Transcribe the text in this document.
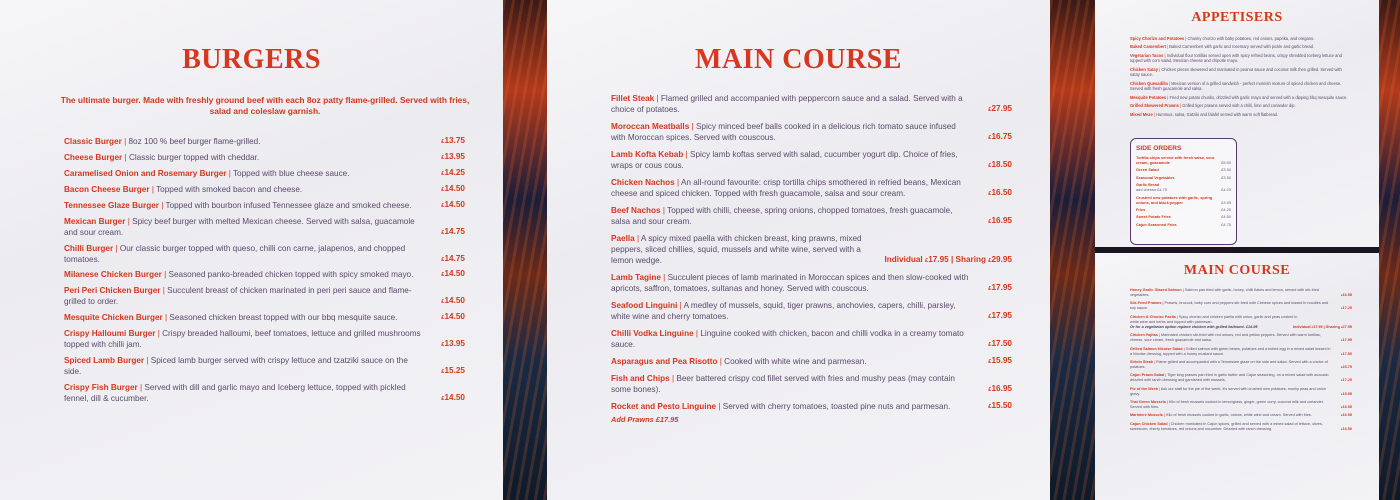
BURGERS
The ultimate burger. Made with freshly ground beef with each 8oz patty flame-grilled. Served with fries, salad and coleslaw garnish.
Classic Burger | 8oz 100 % beef burger flame-grilled.	£13.75
Cheese Burger | Classic burger topped with cheddar.	£13.95
Caramelised Onion and Rosemary Burger | Topped with blue cheese sauce.	£14.25
Bacon Cheese Burger | Topped with smoked bacon and cheese.	£14.50
Tennessee Glaze Burger | Topped with bourbon infused Tennessee glaze and smoked cheese.	£14.50
Mexican Burger | Spicy beef burger with melted Mexican cheese. Served with salsa, guacamole and sour cream.	£14.75
Chilli Burger | Our classic burger topped with queso, chilli con carne, jalapenos, and chopped tomatoes.	£14.75
Milanese Chicken Burger | Seasoned panko-breaded chicken topped with spicy smoked mayo.	£14.50
Peri Peri Chicken Burger | Succulent breast of chicken marinated in peri peri sauce and flame-grilled to order.	£14.50
Mesquite Chicken Burger | Seasoned chicken breast topped with our bbq mesquite sauce.	£14.50
Crispy Halloumi Burger | Crispy breaded halloumi, beef tomatoes, lettuce and grilled mushrooms topped with chilli jam.	£13.95
Spiced Lamb Burger | Spiced lamb burger served with crispy lettuce and tzatziki sauce on the side.	£15.25
Crispy Fish Burger | Served with dill and garlic mayo and Iceberg lettuce, topped with pickled fennel, dill & cucumber.	£14.50
MAIN COURSE
Fillet Steak | Flamed grilled and accompanied with peppercorn sauce and a salad. Served with a choice of potatoes.	£27.95
Moroccan Meatballs | Spicy minced beef balls cooked in a delicious rich tomato sauce infused with Moroccan spices. Served with couscous.	£16.75
Lamb Kofta Kebab | Spicy lamb koftas served with salad, cucumber yogurt dip. Choice of fries, wraps or cous cous.	£18.50
Chicken Nachos | An all-round favourite: crisp tortilla chips smothered in refried beans, Mexican cheese and spiced chicken. Topped with fresh guacamole, salsa and sour cream.	£16.50
Beef Nachos | Topped with chilli, cheese, spring onions, chopped tomatoes, fresh guacamole, salsa and sour cream.	£16.95
Paella | A spicy mixed paella with chicken breast, king prawns, mixed peppers, sliced chillies, squid, mussels and white wine, served with a lemon wedge.	Individual £17.95 | Sharing £29.95
Lamb Tagine | Succulent pieces of lamb marinated in Moroccan spices and then slow-cooked with apricots, saffron, tomatoes, sultanas and honey. Served with couscous.	£17.95
Seafood Linguini | A medley of mussels, squid, tiger prawns, anchovies, capers, chilli, parsley, white wine and cherry tomatoes.	£17.95
Chilli Vodka Linguine | Linguine cooked with chicken, bacon and chilli vodka in a creamy tomato sauce.	£17.50
Asparagus and Pea Risotto | Cooked with white wine and parmesan.	£15.95
Fish and Chips | Beer battered crispy cod fillet served with fries and mushy peas (may contain some bones).	£16.95
Rocket and Pesto Linguine | Served with cherry tomatoes, toasted pine nuts and parmesan.	£15.50
Add Prawns £17.95
APPETISERS
Spicy Chorizo and Potatoes | Chunky chorizo with baby potatoes, red onions, paprika, and oregano.
Baked Camembert | Baked Camembert with garlic and rosemary served with pickle and garlic bread.
Vegetarian Tacos | Individual flour tortillas served open with spicy refried beans, crispy shredded Iceberg lettuce and topped with corn salad, Mexican cheese and chipotle mayo.
Chicken Satay | Chicken pieces skewered and marinated in peanut sauce and coconut milk then grilled. Served with satay sauce.
Chicken Quesadilla | Mexican version of a grilled sandwich - perfect moreish mixture of spiced chicken and cheese. Served with fresh guacamole and salsa.
Mesquite Potatoes | Fried new potato chunks, drizzled with garlic mayo and served with a dipping bbq mesquite sauce.
Grilled Skewered Prawns | Grilled tiger prawns served with a chilli, lime and coriander dip.
Mixed Meze | Hummus, salsa, tzatziki and falafel served with warm soft flatbread.
SIDE ORDERS
Tortilla chips served with fresh salsa, sour cream, guacamole	£5.50
Green Salad	£3.50
Seasonal Vegetables	£3.50
Garlic Bread
add cheese £4.75	£4.25
Crushed new potatoes with garlic, spring onions, and black pepper	£3.95
Fries	£4.25
Sweet Potato Fries	£4.50
Cajun Seasoned Fries	£4.75
MAIN COURSE
Honey Garlic Glazed Salmon | Salmon pan fried with garlic, honey, chilli flakes and lemon, served with stir-fried vegetables.	£16.95
Stir-Fried Prawns | Prawns, broccoli, baby corn and peppers stir-fried with Chinese spices and tossed in noodles and soy sauce.	£17.25
Chicken & Chorizo Paella | Spicy chorizo and chicken paella with onion, garlic and peas cooked in white wine and herbs and topped with parmesan.
Or for a vegetarian option replace chicken with grilled halloumi. £14.95	Individual £17.95 | Sharing £27.95
Chicken Fajitas | Marinated chicken stir-fried with red onions, red and yellow peppers. Served with warm tortillas, cheese, sour cream, fresh guacamole and salsa.	£17.95
Grilled Salmon Nicoise Salad | Grilled salmon with green beans, potatoes and a boiled egg in a mixed salad tossed in a Nicoise dressing, topped with a honey mustard sauce.	£17.50
Sirloin Steak | Flame grilled and accompanied with a Tennessee glaze on the side and salad. Served with a choice of potatoes.	£23.75
Cajun Prawn Salad | Tiger king prawns pan fried in garlic butter and Cajun seasoning, on a mixed salad with avocado drizzled with ranch dressing and garnished with mussels.	£17.25
Pie of the Week | Ask our staff for the pie of the week. It's served with crushed new potatoes, mushy peas and onion gravy.	£15.95
Thai Green Mussels | Kilo of fresh mussels cooked in lemongrass, ginger, green curry, coconut milk and coriander. Served with fries.	£16.95
Mariniere Mussels | Kilo of fresh mussels cooked in garlic, onions, white wine and cream. Served with fries.	£16.95
Cajun Chicken Salad | Chicken marinated in Cajun spices, grilled and served with a mixed salad of lettuce, olives, sweetcorn, cherry tomatoes, red onions and cucumber. Drizzled with ranch dressing.	£16.50
